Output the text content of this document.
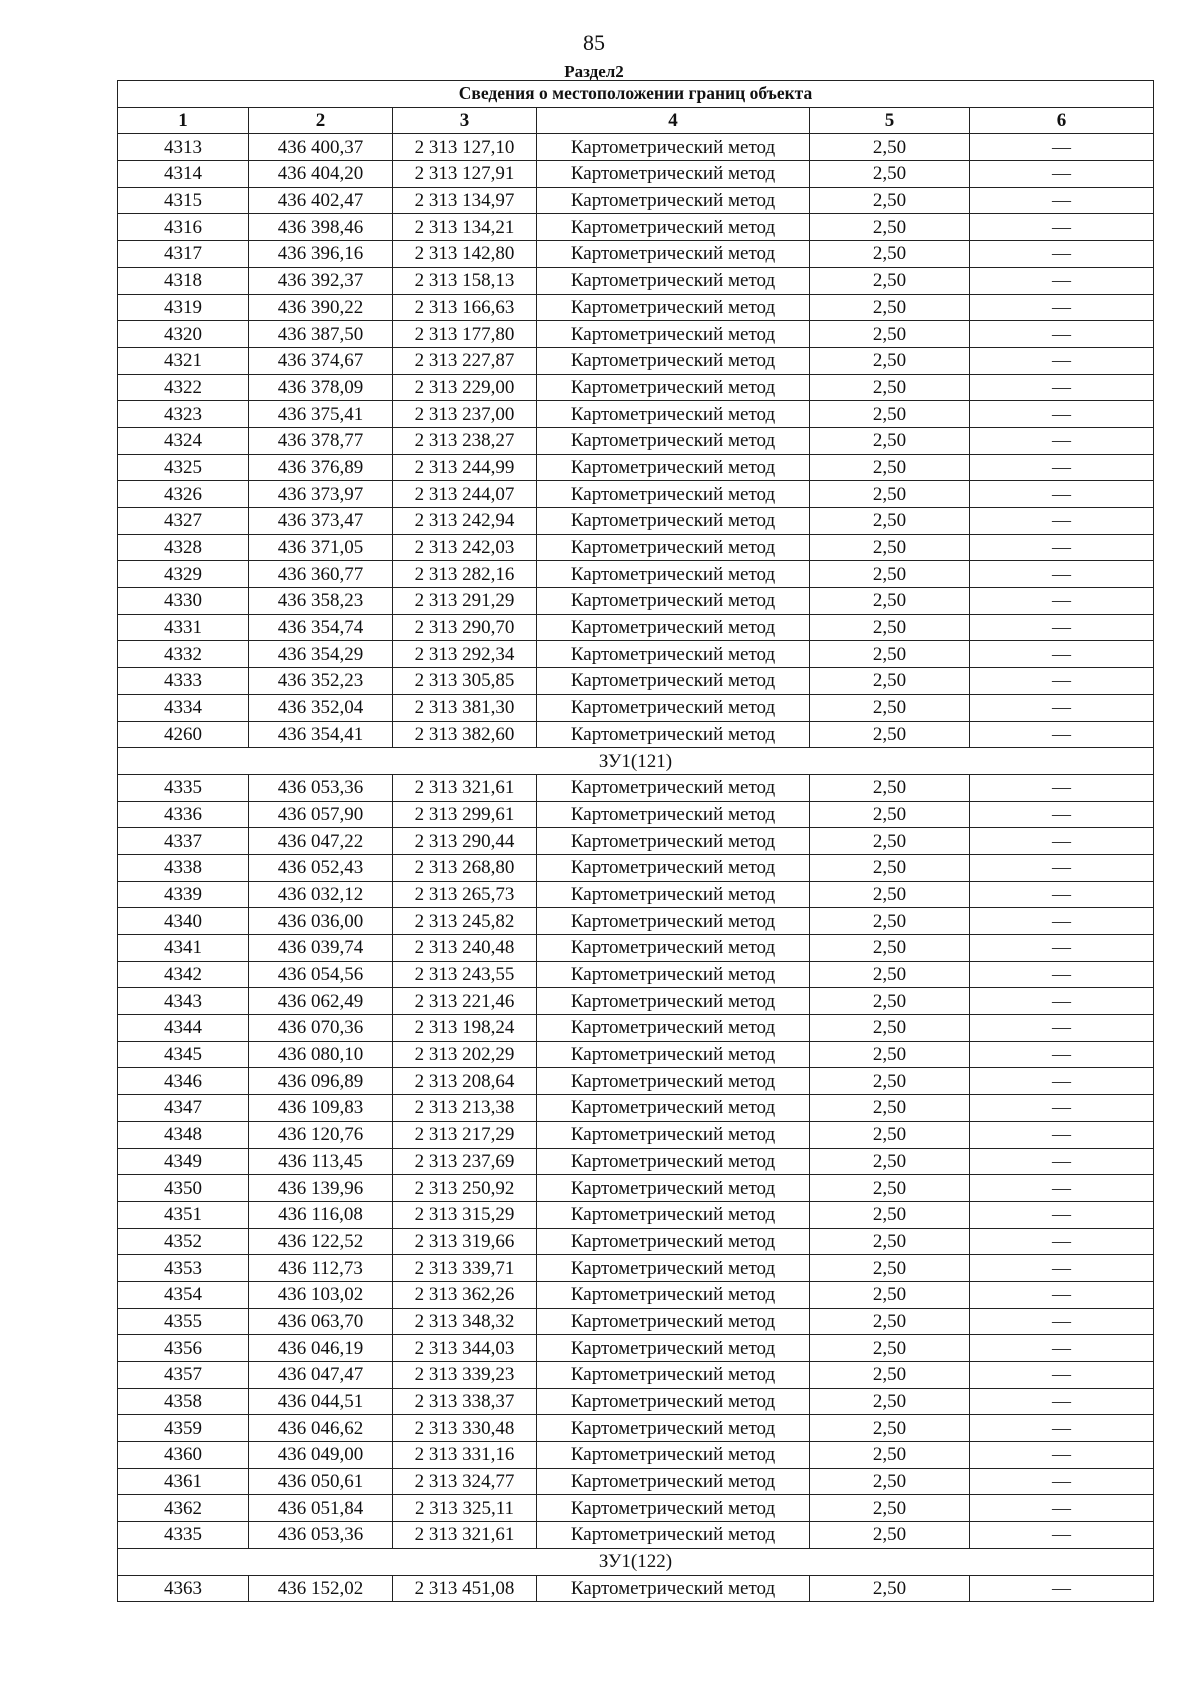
85
Раздел2
Сведения о местоположении границ объекта					
1	2	3	4	5	6
4313	436 400,37	2 313 127,10	Картометрический метод	2,50	—
4314	436 404,20	2 313 127,91	Картометрический метод	2,50	—
4315	436 402,47	2 313 134,97	Картометрический метод	2,50	—
4316	436 398,46	2 313 134,21	Картометрический метод	2,50	—
4317	436 396,16	2 313 142,80	Картометрический метод	2,50	—
4318	436 392,37	2 313 158,13	Картометрический метод	2,50	—
4319	436 390,22	2 313 166,63	Картометрический метод	2,50	—
4320	436 387,50	2 313 177,80	Картометрический метод	2,50	—
4321	436 374,67	2 313 227,87	Картометрический метод	2,50	—
4322	436 378,09	2 313 229,00	Картометрический метод	2,50	—
4323	436 375,41	2 313 237,00	Картометрический метод	2,50	—
4324	436 378,77	2 313 238,27	Картометрический метод	2,50	—
4325	436 376,89	2 313 244,99	Картометрический метод	2,50	—
4326	436 373,97	2 313 244,07	Картометрический метод	2,50	—
4327	436 373,47	2 313 242,94	Картометрический метод	2,50	—
4328	436 371,05	2 313 242,03	Картометрический метод	2,50	—
4329	436 360,77	2 313 282,16	Картометрический метод	2,50	—
4330	436 358,23	2 313 291,29	Картометрический метод	2,50	—
4331	436 354,74	2 313 290,70	Картометрический метод	2,50	—
4332	436 354,29	2 313 292,34	Картометрический метод	2,50	—
4333	436 352,23	2 313 305,85	Картометрический метод	2,50	—
4334	436 352,04	2 313 381,30	Картометрический метод	2,50	—
4260	436 354,41	2 313 382,60	Картометрический метод	2,50	—
ЗУ1(121)					
4335	436 053,36	2 313 321,61	Картометрический метод	2,50	—
4336	436 057,90	2 313 299,61	Картометрический метод	2,50	—
4337	436 047,22	2 313 290,44	Картометрический метод	2,50	—
4338	436 052,43	2 313 268,80	Картометрический метод	2,50	—
4339	436 032,12	2 313 265,73	Картометрический метод	2,50	—
4340	436 036,00	2 313 245,82	Картометрический метод	2,50	—
4341	436 039,74	2 313 240,48	Картометрический метод	2,50	—
4342	436 054,56	2 313 243,55	Картометрический метод	2,50	—
4343	436 062,49	2 313 221,46	Картометрический метод	2,50	—
4344	436 070,36	2 313 198,24	Картометрический метод	2,50	—
4345	436 080,10	2 313 202,29	Картометрический метод	2,50	—
4346	436 096,89	2 313 208,64	Картометрический метод	2,50	—
4347	436 109,83	2 313 213,38	Картометрический метод	2,50	—
4348	436 120,76	2 313 217,29	Картометрический метод	2,50	—
4349	436 113,45	2 313 237,69	Картометрический метод	2,50	—
4350	436 139,96	2 313 250,92	Картометрический метод	2,50	—
4351	436 116,08	2 313 315,29	Картометрический метод	2,50	—
4352	436 122,52	2 313 319,66	Картометрический метод	2,50	—
4353	436 112,73	2 313 339,71	Картометрический метод	2,50	—
4354	436 103,02	2 313 362,26	Картометрический метод	2,50	—
4355	436 063,70	2 313 348,32	Картометрический метод	2,50	—
4356	436 046,19	2 313 344,03	Картометрический метод	2,50	—
4357	436 047,47	2 313 339,23	Картометрический метод	2,50	—
4358	436 044,51	2 313 338,37	Картометрический метод	2,50	—
4359	436 046,62	2 313 330,48	Картометрический метод	2,50	—
4360	436 049,00	2 313 331,16	Картометрический метод	2,50	—
4361	436 050,61	2 313 324,77	Картометрический метод	2,50	—
4362	436 051,84	2 313 325,11	Картометрический метод	2,50	—
4335	436 053,36	2 313 321,61	Картометрический метод	2,50	—
ЗУ1(122)					
4363	436 152,02	2 313 451,08	Картометрический метод	2,50	—
